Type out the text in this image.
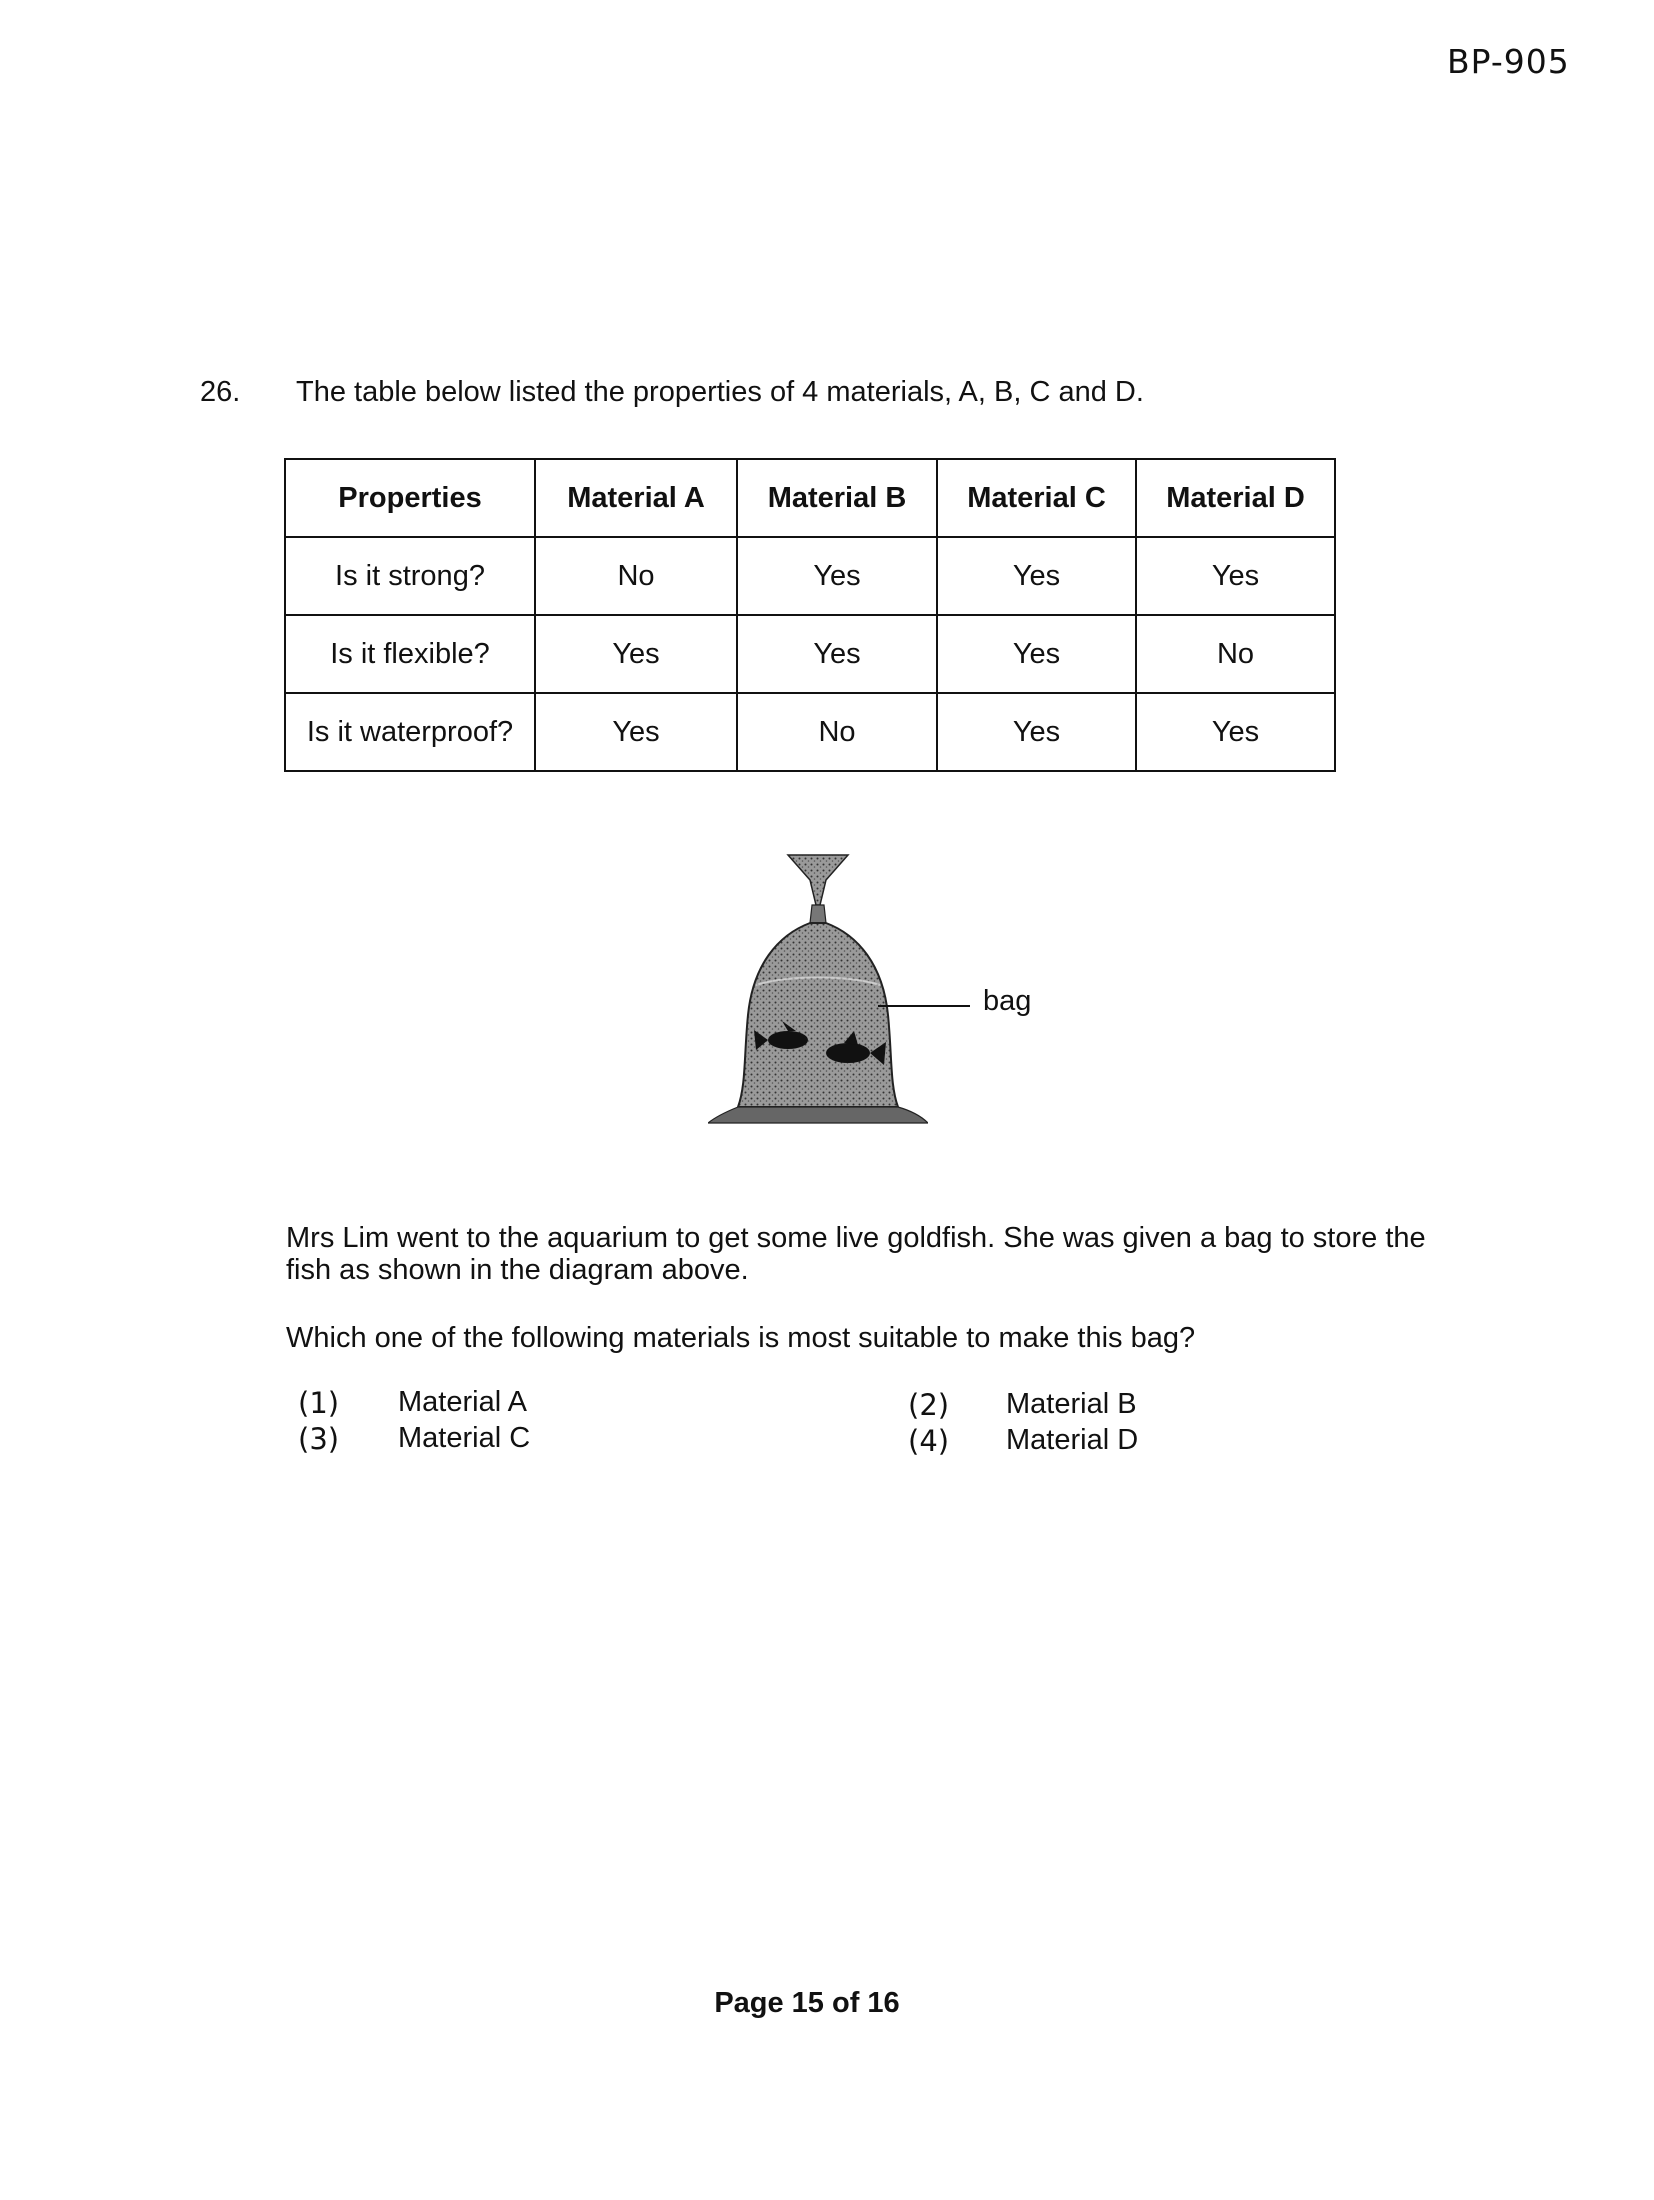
BP-905
26. The table below listed the properties of 4 materials, A, B, C and D.
Properties	Material A	Material B	Material C	Material D
Is it strong?	No	Yes	Yes	Yes
Is it flexible?	Yes	Yes	Yes	No
Is it waterproof?	Yes	No	Yes	Yes
bag
Mrs Lim went to the aquarium to get some live goldfish. She was given a bag to store the fish as shown in the diagram above.
Which one of the following materials is most suitable to make this bag?
(1) Material A	(2) Material B
(3) Material C	(4) Material D
Page 15 of 16
